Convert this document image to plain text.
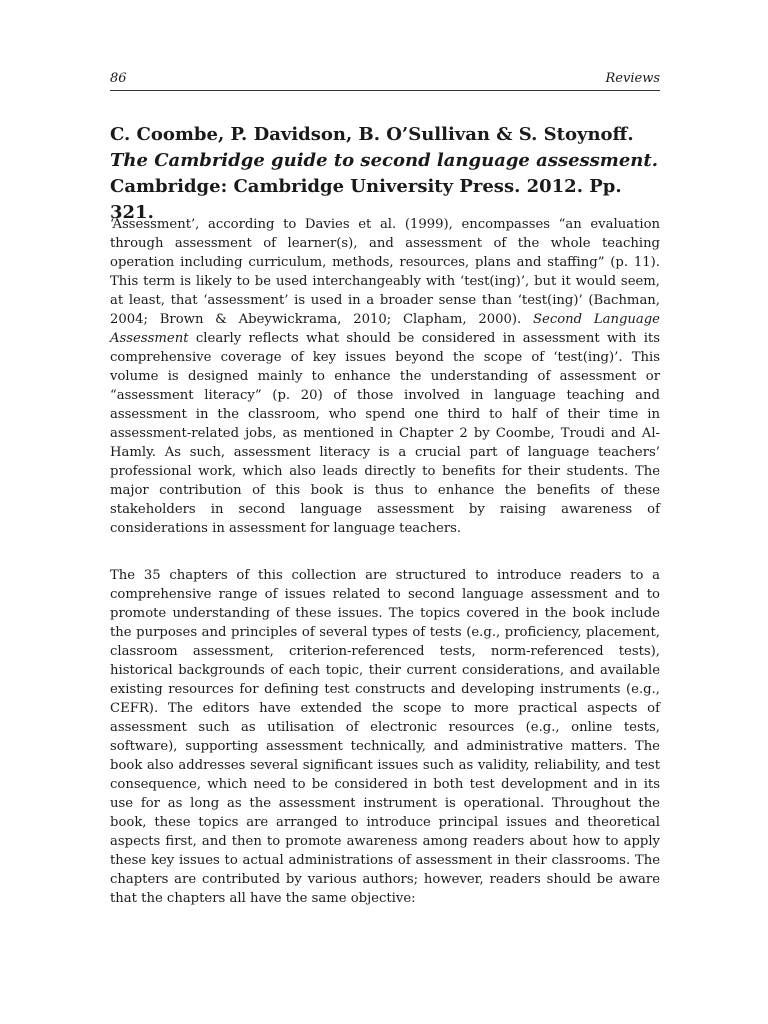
86	Reviews
C. Coombe, P. Davidson, B. O’Sullivan & S. Stoynoff. The Cambridge guide to second language assessment.
Cambridge: Cambridge University Press. 2012. Pp. 321.

‘Assessment’, according to Davies et al. (1999), encompasses “an evaluation through assessment of learner(s), and assessment of the whole teaching operation including curriculum, methods, resources, plans and staffing” (p. 11). This term is likely to be used interchangeably with ‘test(ing)’, but it would seem, at least, that ‘assessment’ is used in a broader sense than ‘test(ing)’ (Bachman, 2004; Brown & Abeywickrama, 2010; Clapham, 2000). Second Language Assessment clearly reflects what should be considered in assessment with its comprehensive coverage of key issues beyond the scope of ‘test(ing)’. This volume is designed mainly to enhance the understanding of assessment or “assessment literacy” (p. 20) of those involved in language teaching and assessment in the classroom, who spend one third to half of their time in assessment-related jobs, as mentioned in Chapter 2 by Coombe, Troudi and Al-Hamly. As such, assessment literacy is a crucial part of language teachers’ professional work, which also leads directly to benefits for their students. The major contribution of this book is thus to enhance the benefits of these stakeholders in second language assessment by raising awareness of considerations in assessment for language teachers.

The 35 chapters of this collection are structured to introduce readers to a comprehensive range of issues related to second language assessment and to promote understanding of these issues. The topics covered in the book include the purposes and principles of several types of tests (e.g., proficiency, placement, classroom assessment, criterion-referenced tests, norm-referenced tests), historical backgrounds of each topic, their current considerations, and available existing resources for defining test constructs and developing instruments (e.g., CEFR). The editors have extended the scope to more practical aspects of assessment such as utilisation of electronic resources (e.g., online tests, software), supporting assessment technically, and administrative matters. The book also addresses several significant issues such as validity, reliability, and test consequence, which need to be considered in both test development and in its use for as long as the assessment instrument is operational. Throughout the book, these topics are arranged to introduce principal issues and theoretical aspects first, and then to promote awareness among readers about how to apply these key issues to actual administrations of assessment in their classrooms. The chapters are contributed by various authors; however, readers should be aware that the chapters all have the same objective:
